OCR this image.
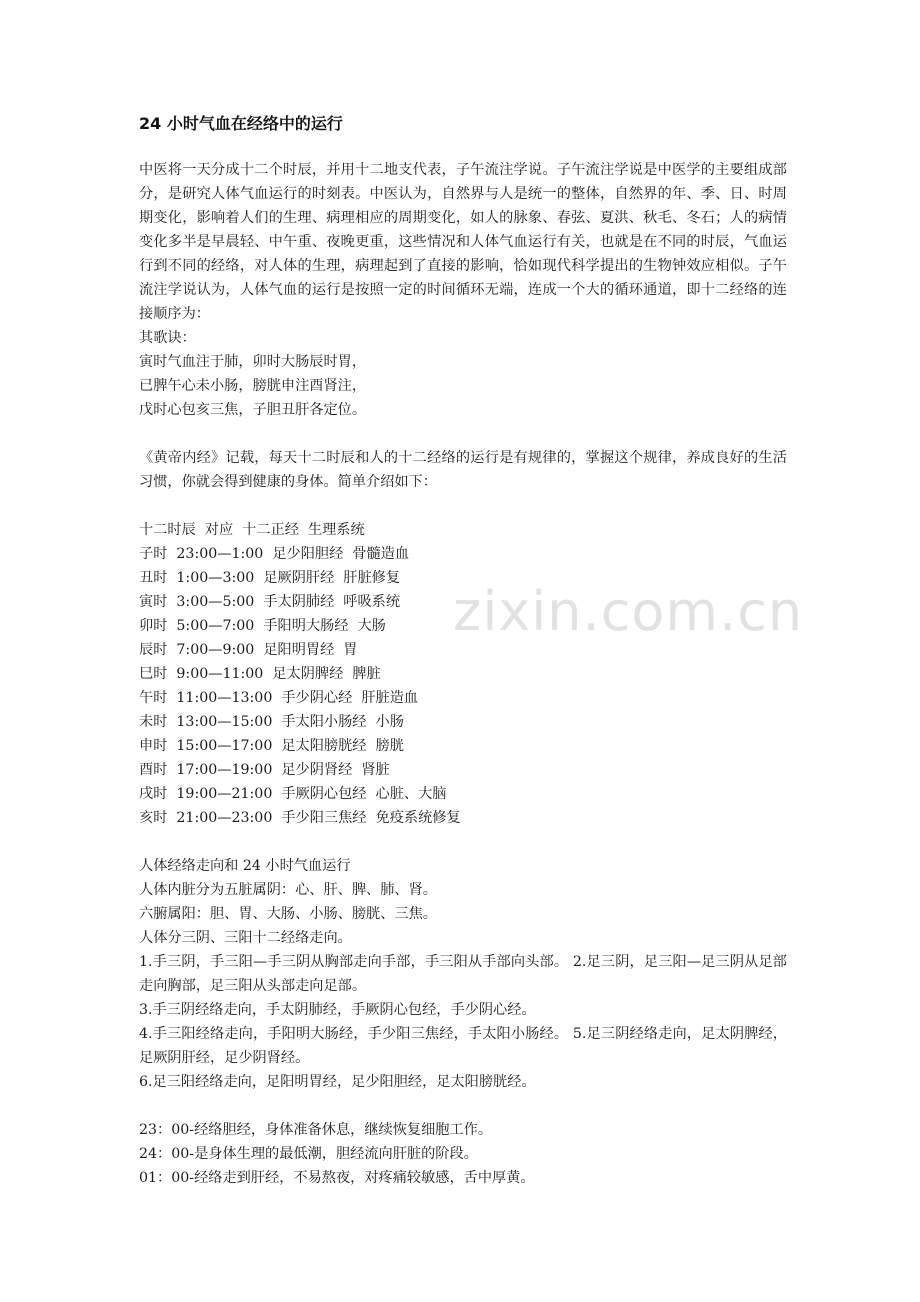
24 小时气血在经络中的运行

中医将一天分成十二个时辰，并用十二地支代表，子午流注学说。子午流注学说是中医学的主要组成部分，是研究人体气血运行的时刻表。中医认为，自然界与人是统一的整体，自然界的年、季、日、时周期变化，影响着人们的生理、病理相应的周期变化，如人的脉象、春弦、夏洪、秋毛、冬石；人的病情变化多半是早晨轻、中午重、夜晚更重，这些情况和人体气血运行有关，也就是在不同的时辰，气血运行到不同的经络，对人体的生理，病理起到了直接的影响，恰如现代科学提出的生物钟效应相似。子午流注学说认为，人体气血的运行是按照一定的时间循环无端，连成一个大的循环通道，即十二经络的连接顺序为：

其歌诀：

寅时气血注于肺，卯时大肠辰时胃，

已脾午心未小肠，膀胱申注酉肾注，

戊时心包亥三焦，子胆丑肝各定位。

《黄帝内经》记载，每天十二时辰和人的十二经络的运行是有规律的，掌握这个规律，养成良好的生活习惯，你就会得到健康的身体。简单介绍如下：

十二时辰  对应  十二正经  生理系统

子时  23:00—1:00  足少阳胆经  骨髓造血

丑时  1:00—3:00  足厥阴肝经  肝脏修复

寅时  3:00—5:00  手太阴肺经  呼吸系统

卯时  5:00—7:00  手阳明大肠经  大肠

辰时  7:00—9:00  足阳明胃经  胃

巳时  9:00—11:00  足太阴脾经  脾脏

午时  11:00—13:00  手少阴心经  肝脏造血

未时  13:00—15:00  手太阳小肠经  小肠

申时  15:00—17:00  足太阳膀胱经  膀胱

酉时  17:00—19:00  足少阴肾经  肾脏

戌时  19:00—21:00  手厥阴心包经  心脏、大脑

亥时  21:00—23:00  手少阳三焦经  免疫系统修复

人体经络走向和 24 小时气血运行

人体内脏分为五脏属阴：心、肝、脾、肺、肾。

六腑属阳：胆、胃、大肠、小肠、膀胱、三焦。

人体分三阴、三阳十二经络走向。

1.手三阴，手三阳—手三阴从胸部走向手部，手三阳从手部向头部。 2.足三阴，足三阳—足三阴从足部走向胸部，足三阳从头部走向足部。

3.手三阴经络走向，手太阴肺经，手厥阴心包经，手少阴心经。

4.手三阳经络走向，手阳明大肠经，手少阳三焦经，手太阳小肠经。 5.足三阴经络走向，足太阴脾经，足厥阴肝经，足少阴肾经。

6.足三阳经络走向，足阳明胃经，足少阳胆经，足太阳膀胱经。

23：00-经络胆经，身体准备休息，继续恢复细胞工作。

24：00-是身体生理的最低潮，胆经流向肝脏的阶段。

01：00-经络走到肝经，不易熬夜，对疼痛较敏感，舌中厚黄。

zixin.com.cn
